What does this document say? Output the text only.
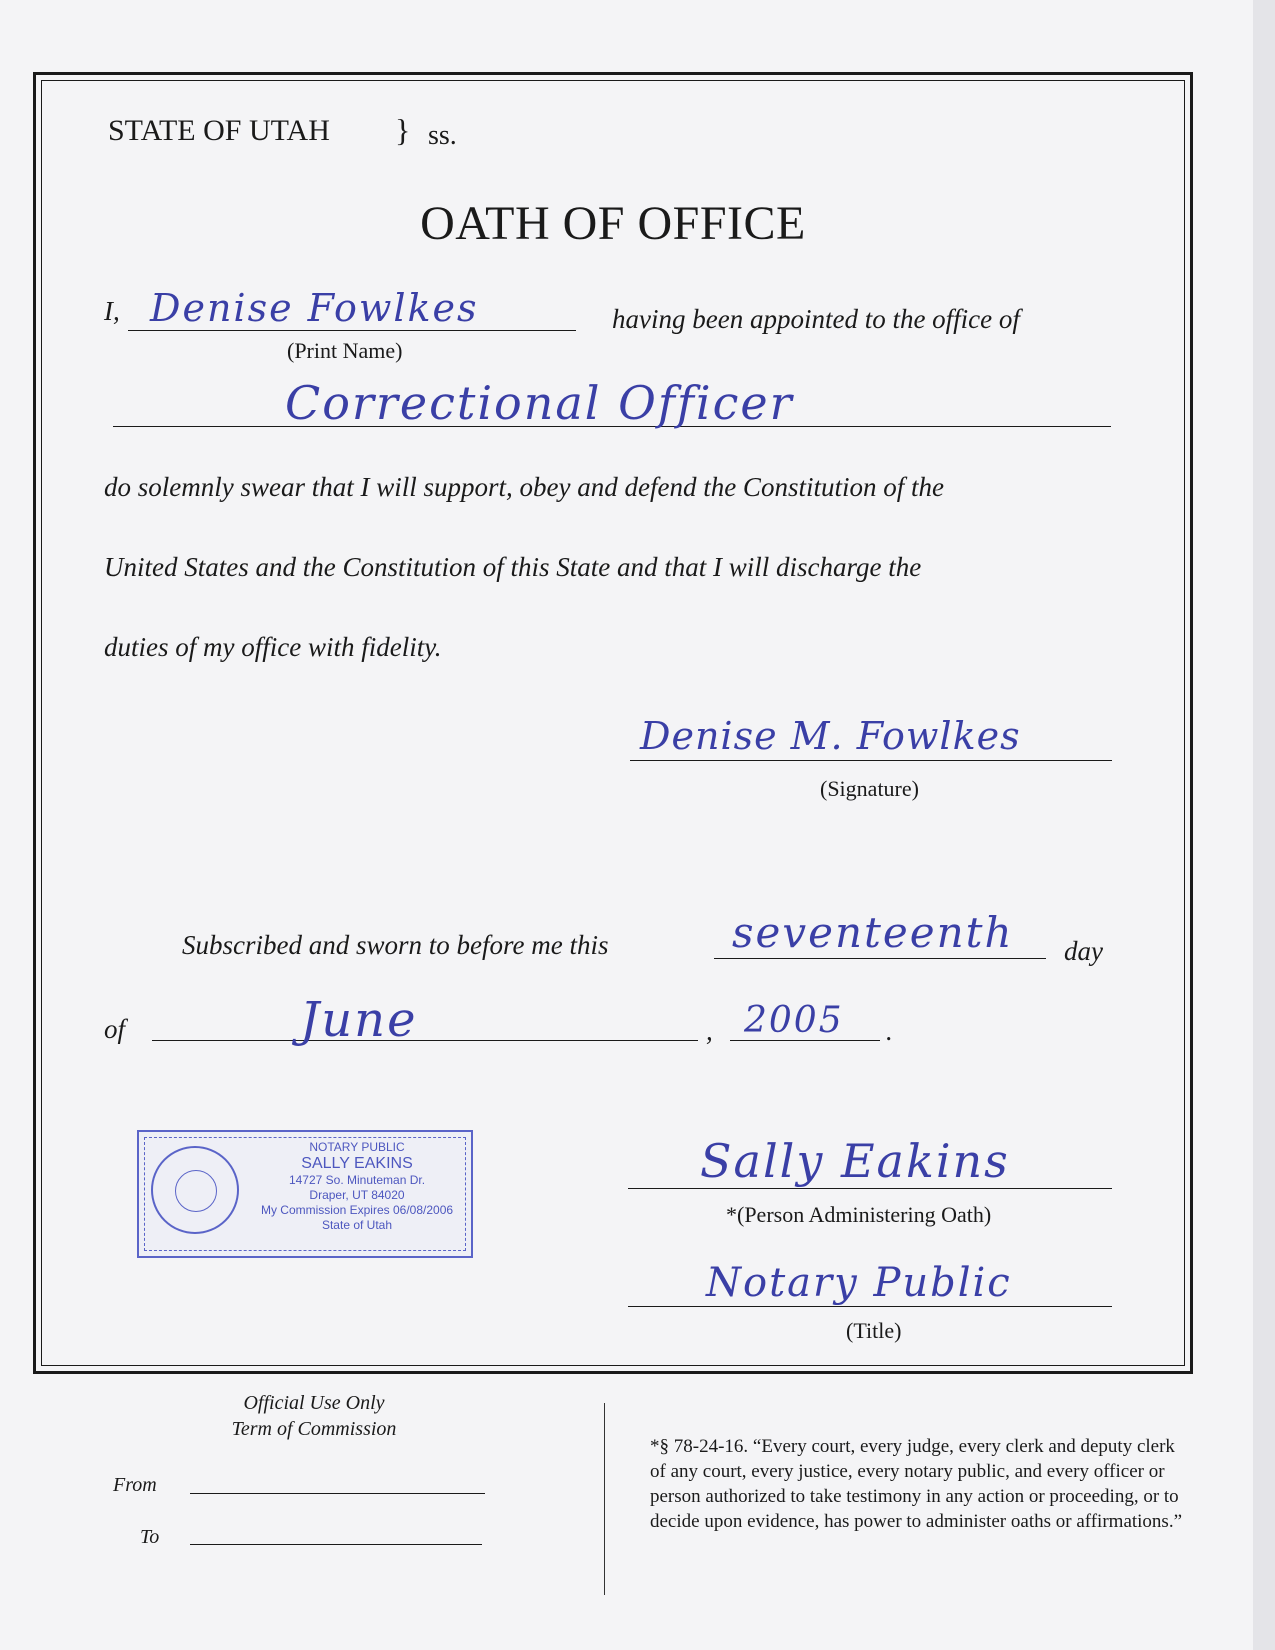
STATE OF UTAH } ss.
OATH OF OFFICE
I, Denise Fowlkes
(Print Name)
having been appointed to the office of
Correctional Officer
do solemnly swear that I will support, obey and defend the Constitution of the
United States and the Constitution of this State and that I will discharge the
duties of my office with fidelity.
Denise M. Fowlkes
(Signature)
Subscribed and sworn to before me this	seventeenth day
of	June	, 2005 .
NOTARY PUBLIC
SALLY EAKINS
14727 So. Minuteman Dr.
Draper, UT 84020
My Commission Expires 06/08/2006
State of Utah
Sally Eakins
*(Person Administering Oath)
Notary Public
(Title)
Official Use Only
Term of Commission
From
To
*§ 78-24-16. “Every court, every judge, every clerk and deputy clerk of any court, every justice, every notary public, and every officer or person authorized to take testimony in any action or proceeding, or to decide upon evidence, has power to administer oaths or affirmations.”
